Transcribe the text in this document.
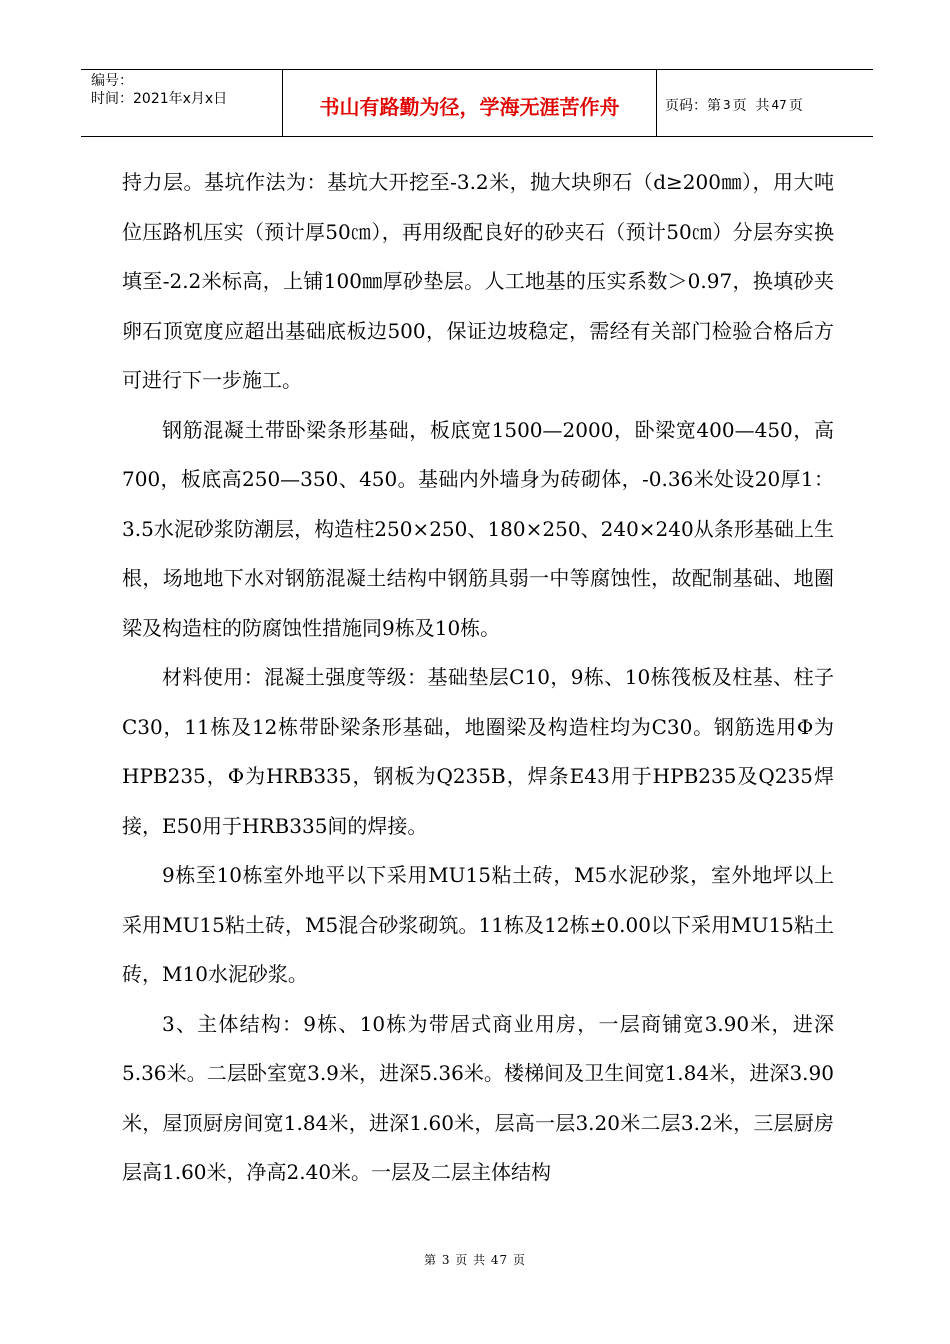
编号：
时间：2021年x月x日	书山有路勤为径，学海无涯苦作舟	页码：第 3 页  共 47 页

持力层。基坑作法为：基坑大开挖至-3.2米，抛大块卵石（d≥200㎜），用大吨位压路机压实（预计厚50㎝），再用级配良好的砂夹石（预计50㎝）分层夯实换填至-2.2米标高，上铺100㎜厚砂垫层。人工地基的压实系数＞0.97，换填砂夹卵石顶宽度应超出基础底板边500，保证边坡稳定，需经有关部门检验合格后方可进行下一步施工。

钢筋混凝土带卧梁条形基础，板底宽1500—2000，卧梁宽400—450，高700，板底高250—350、450。基础内外墙身为砖砌体，-0.36米处设20厚1：3.5水泥砂浆防潮层，构造柱250×250、180×250、240×240从条形基础上生根，场地地下水对钢筋混凝土结构中钢筋具弱一中等腐蚀性，故配制基础、地圈梁及构造柱的防腐蚀性措施同9栋及10栋。

材料使用：混凝土强度等级：基础垫层C10，9栋、10栋筏板及柱基、柱子C30，11栋及12栋带卧梁条形基础，地圈梁及构造柱均为C30。钢筋选用Φ为HPB235，Φ为HRB335，钢板为Q235B，焊条E43用于HPB235及Q235焊接，E50用于HRB335间的焊接。

9栋至10栋室外地平以下采用MU15粘土砖，M5水泥砂浆，室外地坪以上采用MU15粘土砖，M5混合砂浆砌筑。11栋及12栋±0.00以下采用MU15粘土砖，M10水泥砂浆。

3、主体结构：9栋、10栋为带居式商业用房，一层商铺宽3.90米，进深5.36米。二层卧室宽3.9米，进深5.36米。楼梯间及卫生间宽1.84米，进深3.90米，屋顶厨房间宽1.84米，进深1.60米，层高一层3.20米二层3.2米，三层厨房层高1.60米，净高2.40米。一层及二层主体结构

第 3 页 共 47 页
